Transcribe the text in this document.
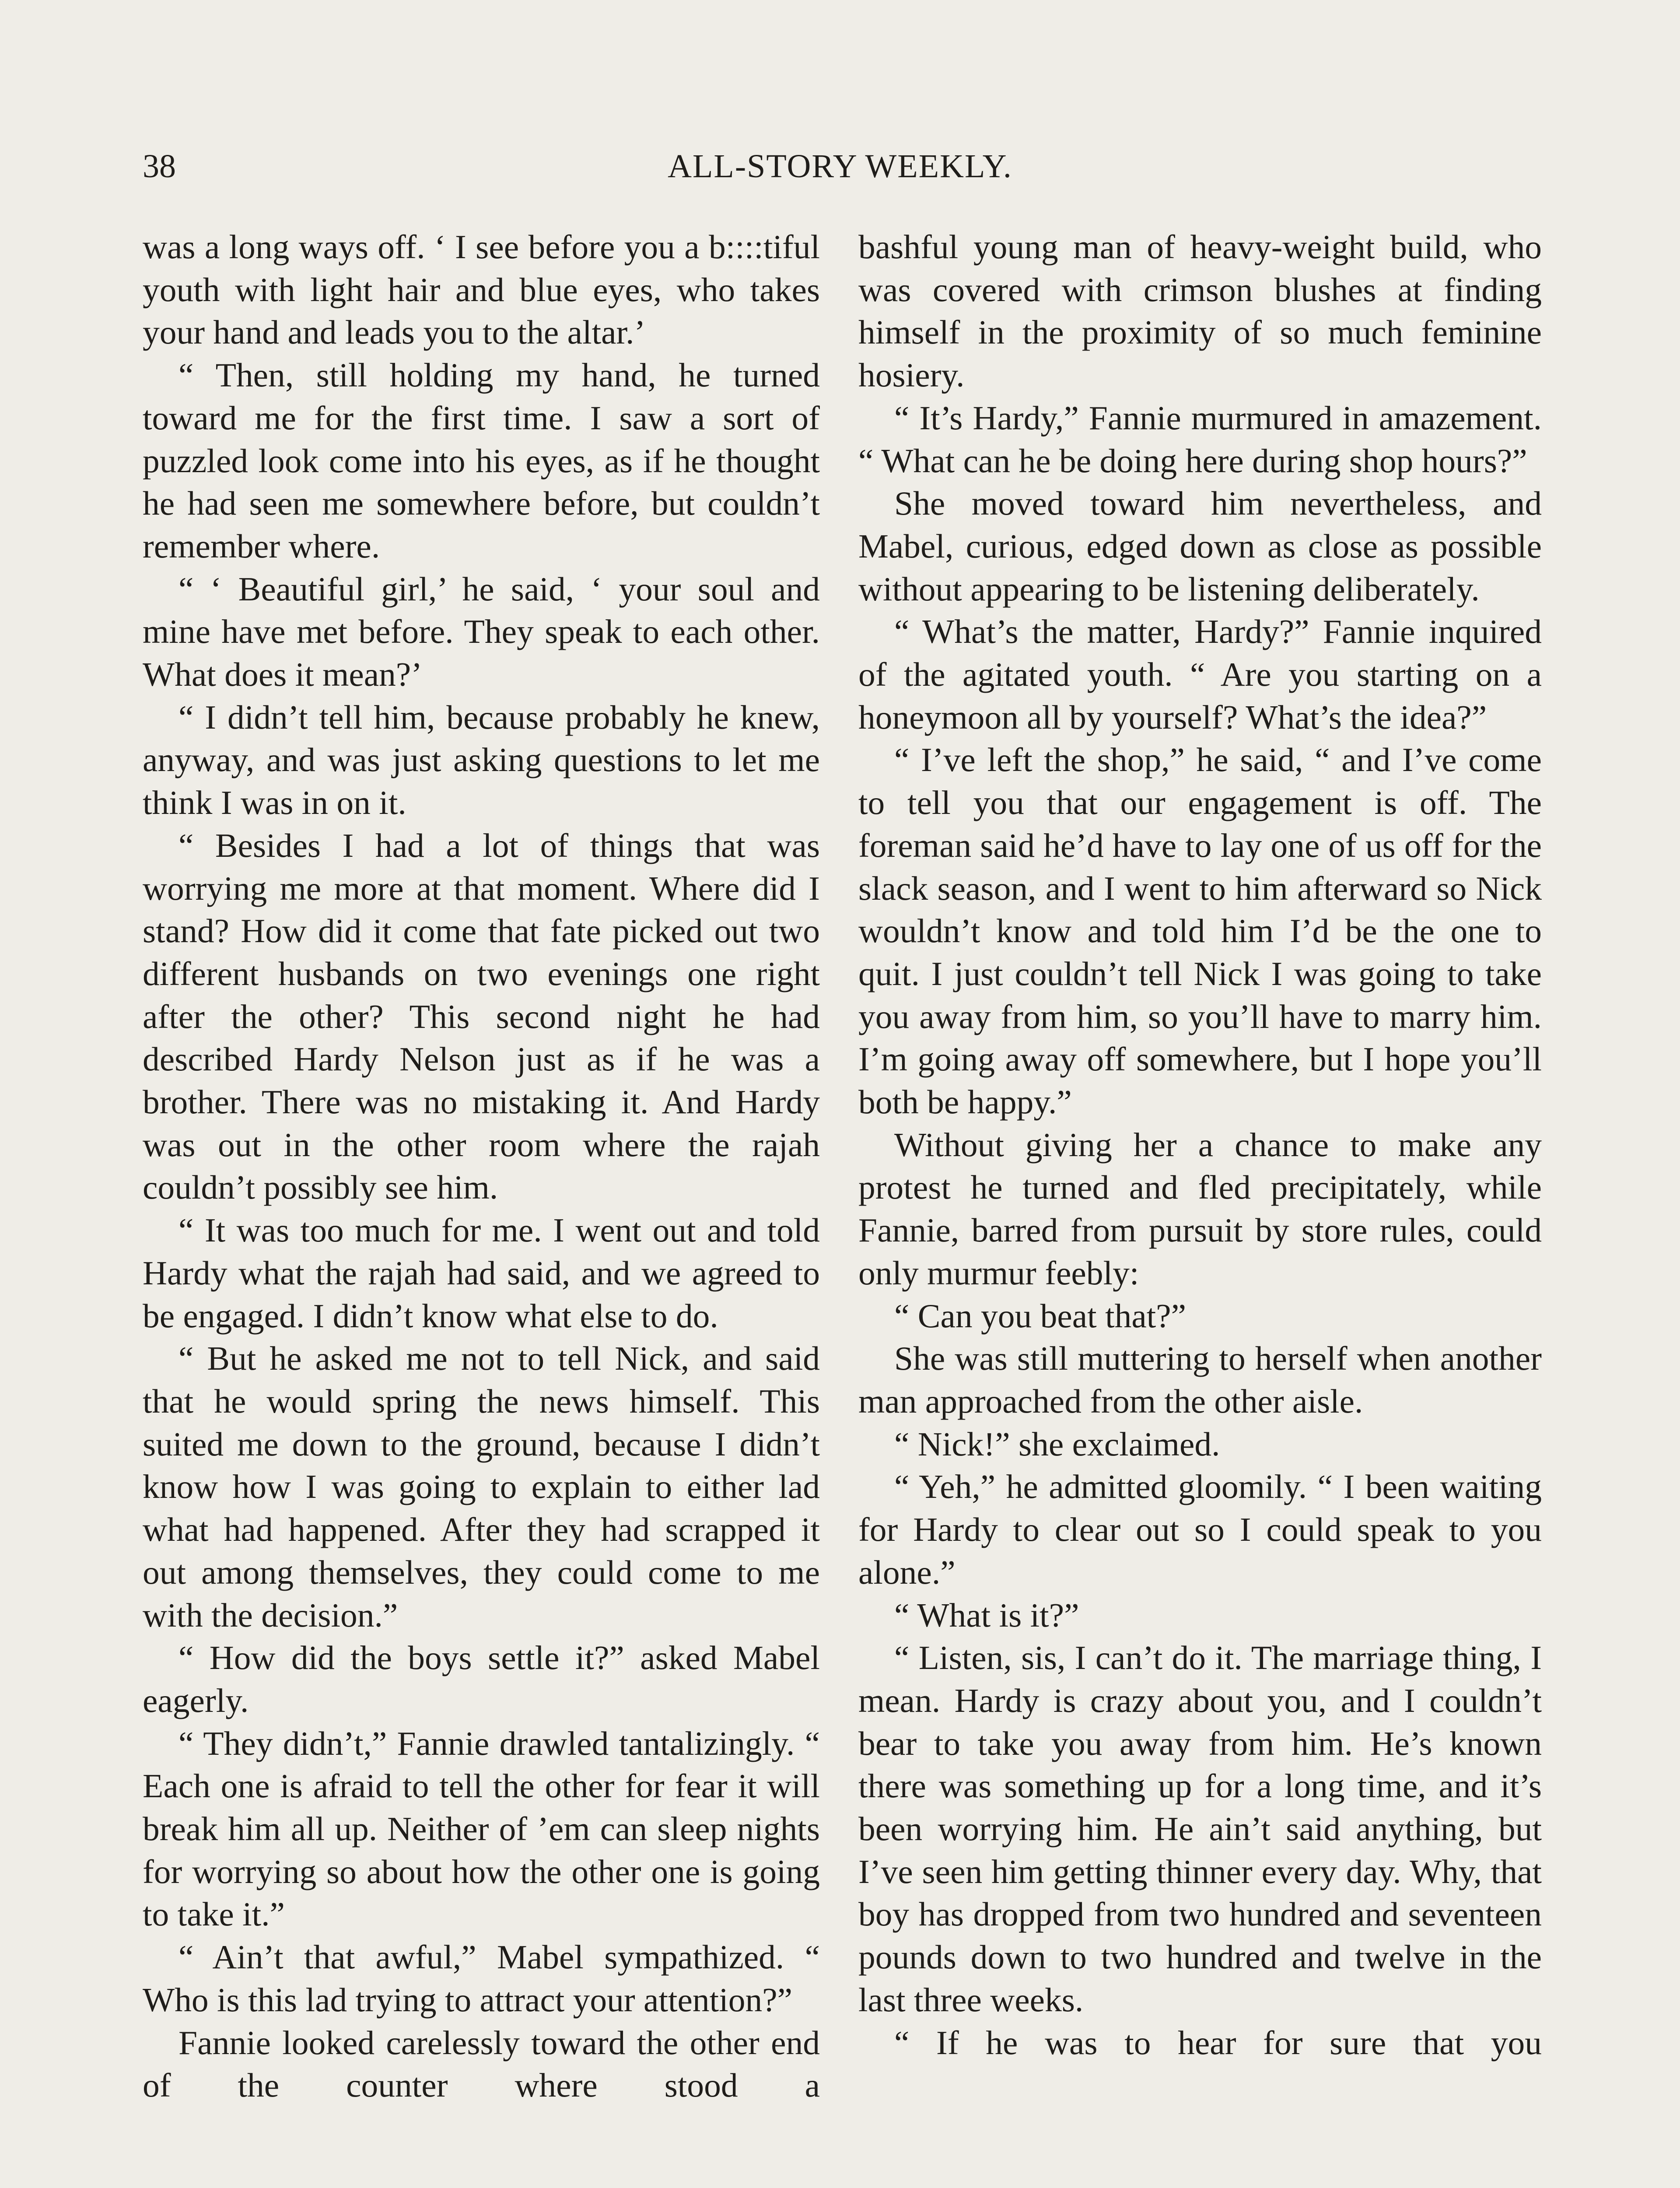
38	ALL-STORY WEEKLY.

was a long ways off. ‘ I see before you a b::::tiful youth with light hair and blue eyes, who takes your hand and leads you to the altar.’

“ Then, still holding my hand, he turned toward me for the first time. I saw a sort of puzzled look come into his eyes, as if he thought he had seen me somewhere before, but couldn’t remember where.

“ ‘ Beautiful girl,’ he said, ‘ your soul and mine have met before. They speak to each other. What does it mean?’

“ I didn’t tell him, because probably he knew, anyway, and was just asking questions to let me think I was in on it.

“ Besides I had a lot of things that was worrying me more at that moment. Where did I stand? How did it come that fate picked out two different husbands on two evenings one right after the other? This second night he had described Hardy Nelson just as if he was a brother. There was no mistaking it. And Hardy was out in the other room where the rajah couldn’t possibly see him.

“ It was too much for me. I went out and told Hardy what the rajah had said, and we agreed to be engaged. I didn’t know what else to do.

“ But he asked me not to tell Nick, and said that he would spring the news himself. This suited me down to the ground, because I didn’t know how I was going to explain to either lad what had happened. After they had scrapped it out among themselves, they could come to me with the decision.”

“ How did the boys settle it?” asked Mabel eagerly.

“ They didn’t,” Fannie drawled tantalizingly. “ Each one is afraid to tell the other for fear it will break him all up. Neither of ’em can sleep nights for worrying so about how the other one is going to take it.”

“ Ain’t that awful,” Mabel sympathized. “ Who is this lad trying to attract your attention?”

Fannie looked carelessly toward the other end of the counter where stood a

bashful young man of heavy-weight build, who was covered with crimson blushes at finding himself in the proximity of so much feminine hosiery.

“ It’s Hardy,” Fannie murmured in amazement. “ What can he be doing here during shop hours?”

She moved toward him nevertheless, and Mabel, curious, edged down as close as possible without appearing to be listening deliberately.

“ What’s the matter, Hardy?” Fannie inquired of the agitated youth. “ Are you starting on a honeymoon all by yourself? What’s the idea?”

“ I’ve left the shop,” he said, “ and I’ve come to tell you that our engagement is off. The foreman said he’d have to lay one of us off for the slack season, and I went to him afterward so Nick wouldn’t know and told him I’d be the one to quit. I just couldn’t tell Nick I was going to take you away from him, so you’ll have to marry him. I’m going away off somewhere, but I hope you’ll both be happy.”

Without giving her a chance to make any protest he turned and fled precipitately, while Fannie, barred from pursuit by store rules, could only murmur feebly:

“ Can you beat that?”

She was still muttering to herself when another man approached from the other aisle.

“ Nick!” she exclaimed.

“ Yeh,” he admitted gloomily. “ I been waiting for Hardy to clear out so I could speak to you alone.”

“ What is it?”

“ Listen, sis, I can’t do it. The marriage thing, I mean. Hardy is crazy about you, and I couldn’t bear to take you away from him. He’s known there was something up for a long time, and it’s been worrying him. He ain’t said anything, but I’ve seen him getting thinner every day. Why, that boy has dropped from two hundred and seventeen pounds down to two hundred and twelve in the last three weeks.

“ If he was to hear for sure that you
